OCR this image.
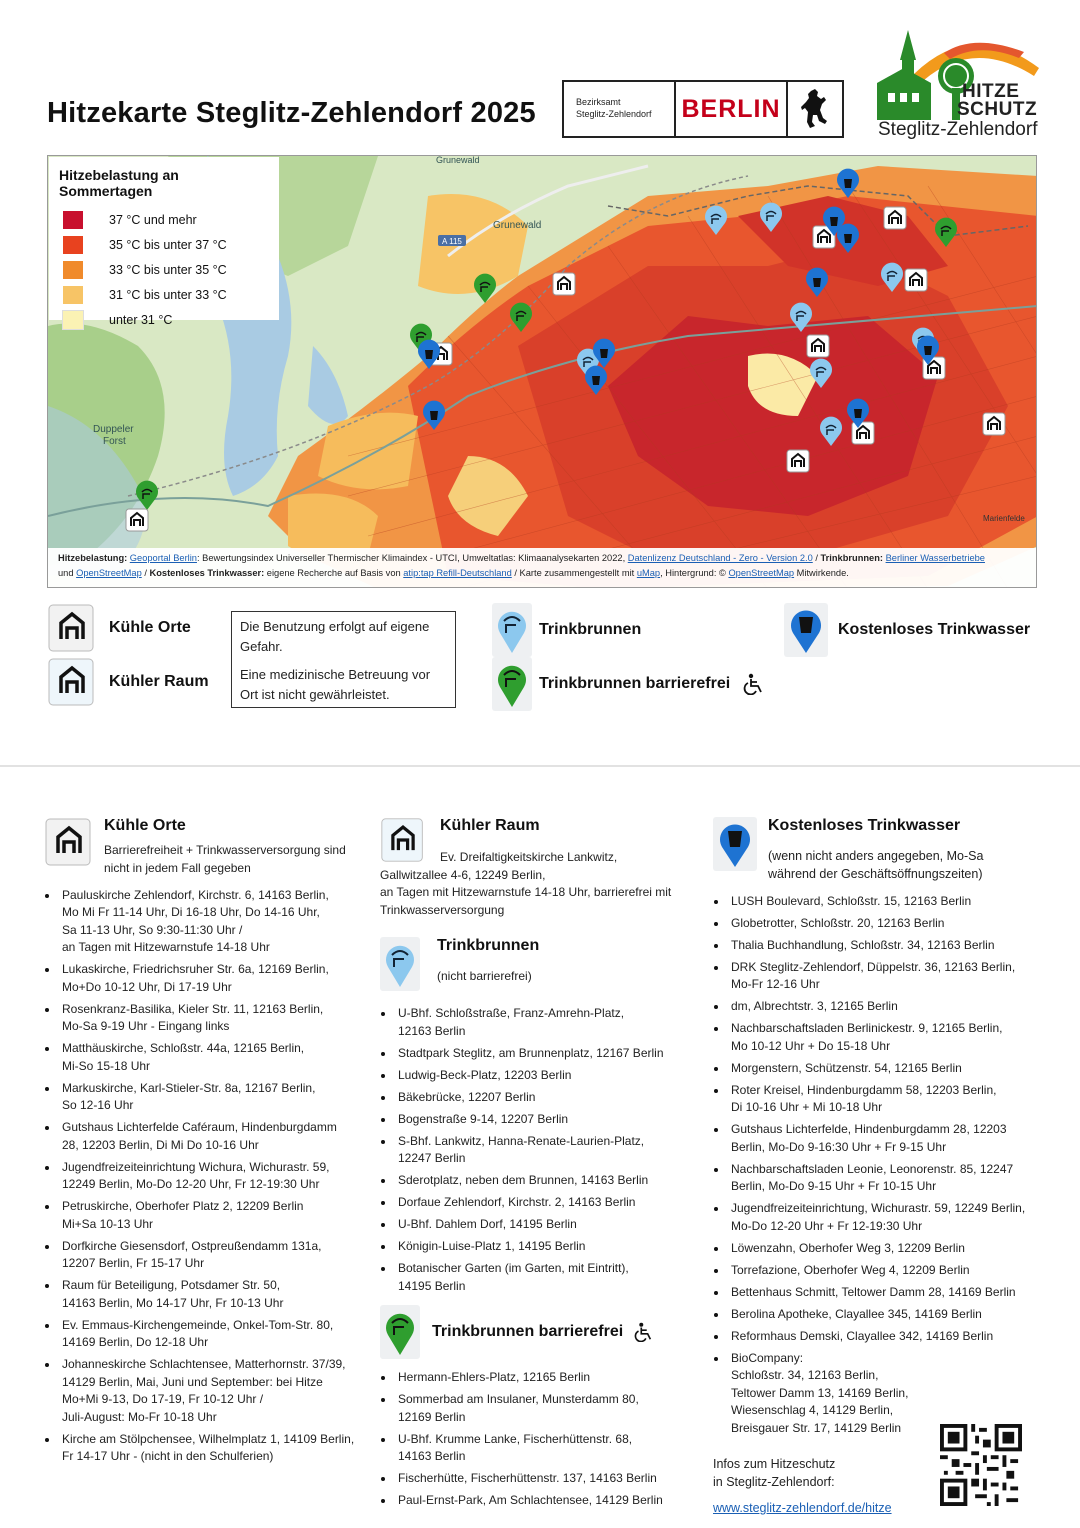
Hitzekarte Steglitz-Zehlendorf 2025	Bezirksamt
Steglitz-Zehlendorf	BERLIN
HITZE
SCHUTZ
Steglitz-Zehlendorf
Grunewald
Grunewald
Duppeler Forst
A 115
Marienfelde
Hitzebelastung an Sommertagen
37 °C und mehr
35 °C bis unter 37 °C
33 °C bis unter 35 °C
31 °C bis unter 33 °C
unter 31 °C
Hitzebelastung: Geoportal Berlin: Bewertungsindex Universeller Thermischer Klimaindex - UTCI, Umweltatlas: Klimaanalysekarten 2022, Datenlizenz Deutschland - Zero - Version 2.0 / Trinkbrunnen: Berliner Wasserbetriebe
und OpenStreetMap / Kostenloses Trinkwasser: eigene Recherche auf Basis von atip:tap Refill-Deutschland / Karte zusammengestellt mit uMap, Hintergrund: © OpenStreetMap Mitwirkende.
Kühle Orte
Kühler Raum

Die Benutzung erfolgt auf eigene Gefahr.

Eine medizinische Betreuung vor Ort ist nicht gewährleistet.

Trinkbrunnen
Trinkbrunnen barrierefrei
Kostenloses Trinkwasser
Kühle Orte
Barrierefreiheit + Trinkwasserversorgung sind nicht in jedem Fall gegeben
Pauluskirche Zehlendorf, Kirchstr. 6, 14163 Berlin,
Mo Mi Fr 11-14 Uhr, Di 16-18 Uhr, Do 14-16 Uhr,
Sa 11-13 Uhr, So 9:30-11:30 Uhr /
an Tagen mit Hitzewarnstufe 14-18 Uhr
Lukaskirche, Friedrichsruher Str. 6a, 12169 Berlin,
Mo+Do 10-12 Uhr, Di 17-19 Uhr
Rosenkranz-Basilika, Kieler Str. 11, 12163 Berlin,
Mo-Sa 9-19 Uhr - Eingang links
Matthäuskirche, Schloßstr. 44a, 12165 Berlin,
Mi-So 15-18 Uhr
Markuskirche, Karl-Stieler-Str. 8a, 12167 Berlin,
So 12-16 Uhr
Gutshaus Lichterfelde Caféraum, Hindenburgdamm
28, 12203 Berlin, Di Mi Do 10-16 Uhr
Jugendfreizeiteinrichtung Wichura, Wichurastr. 59,
12249 Berlin, Mo-Do 12-20 Uhr, Fr 12-19:30 Uhr
Petruskirche, Oberhofer Platz 2, 12209 Berlin
Mi+Sa 10-13 Uhr
Dorfkirche Giesensdorf, Ostpreußendamm 131a,
12207 Berlin, Fr 15-17 Uhr
Raum für Beteiligung, Potsdamer Str. 50,
14163 Berlin, Mo 14-17 Uhr, Fr 10-13 Uhr
Ev. Emmaus-Kirchengemeinde, Onkel-Tom-Str. 80,
14169 Berlin, Do 12-18 Uhr
Johanneskirche Schlachtensee, Matterhornstr. 37/39,
14129 Berlin, Mai, Juni und September: bei Hitze
Mo+Mi 9-13, Do 17-19, Fr 10-12 Uhr /
Juli-August: Mo-Fr 10-18 Uhr
Kirche am Stölpchensee, Wilhelmplatz 1, 14109 Berlin,
Fr 14-17 Uhr - (nicht in den Schulferien)
Kühler Raum
Ev. Dreifaltigkeitskirche Lankwitz,
Gallwitzallee 4-6, 12249 Berlin,
an Tagen mit Hitzewarnstufe 14-18 Uhr, barrierefrei mit
Trinkwasserversorgung
Trinkbrunnen
(nicht barrierefrei)
U-Bhf. Schloßstraße, Franz-Amrehn-Platz,
12163 Berlin
Stadtpark Steglitz, am Brunnenplatz, 12167 Berlin
Ludwig-Beck-Platz, 12203 Berlin
Bäkebrücke, 12207 Berlin
Bogenstraße 9-14, 12207 Berlin
S-Bhf. Lankwitz, Hanna-Renate-Laurien-Platz,
12247 Berlin
Sderotplatz, neben dem Brunnen, 14163 Berlin
Dorfaue Zehlendorf, Kirchstr. 2, 14163 Berlin
U-Bhf. Dahlem Dorf, 14195 Berlin
Königin-Luise-Platz 1, 14195 Berlin
Botanischer Garten (im Garten, mit Eintritt),
14195 Berlin
Trinkbrunnen barrierefrei
Hermann-Ehlers-Platz, 12165 Berlin
Sommerbad am Insulaner, Munsterdamm 80,
12169 Berlin
U-Bhf. Krumme Lanke, Fischerhüttenstr. 68,
14163 Berlin
Fischerhütte, Fischerhüttenstr. 137, 14163 Berlin
Paul-Ernst-Park, Am Schlachtensee, 14129 Berlin
Kostenloses Trinkwasser
(wenn nicht anders angegeben, Mo-Sa
während der Geschäftsöffnungszeiten)
LUSH Boulevard, Schloßstr. 15, 12163 Berlin
Globetrotter, Schloßstr. 20, 12163 Berlin
Thalia Buchhandlung, Schloßstr. 34, 12163 Berlin
DRK Steglitz-Zehlendorf, Düppelstr. 36, 12163 Berlin,
Mo-Fr 12-16 Uhr
dm, Albrechtstr. 3, 12165 Berlin
Nachbarschaftsladen Berlinickestr. 9, 12165 Berlin,
Mo 10-12 Uhr + Do 15-18 Uhr
Morgenstern, Schützenstr. 54, 12165 Berlin
Roter Kreisel, Hindenburgdamm 58, 12203 Berlin,
Di 10-16 Uhr + Mi 10-18 Uhr
Gutshaus Lichterfelde, Hindenburgdamm 28, 12203
Berlin, Mo-Do 9-16:30 Uhr + Fr 9-15 Uhr
Nachbarschaftsladen Leonie, Leonorenstr. 85, 12247
Berlin, Mo-Do 9-15 Uhr + Fr 10-15 Uhr
Jugendfreizeiteinrichtung, Wichurastr. 59, 12249 Berlin,
Mo-Do 12-20 Uhr + Fr 12-19:30 Uhr
Löwenzahn, Oberhofer Weg 3, 12209 Berlin
Torrefazione, Oberhofer Weg 4, 12209 Berlin
Bettenhaus Schmitt, Teltower Damm 28, 14169 Berlin
Berolina Apotheke, Clayallee 345, 14169 Berlin
Reformhaus Demski, Clayallee 342, 14169 Berlin
BioCompany:
Schloßstr. 34, 12163 Berlin,
Teltower Damm 13, 14169 Berlin,
Wiesenschlag 4, 14129 Berlin,
Breisgauer Str. 17, 14129 Berlin
Infos zum Hitzeschutz
in Steglitz-Zehlendorf:
www.steglitz-zehlendorf.de/hitze
